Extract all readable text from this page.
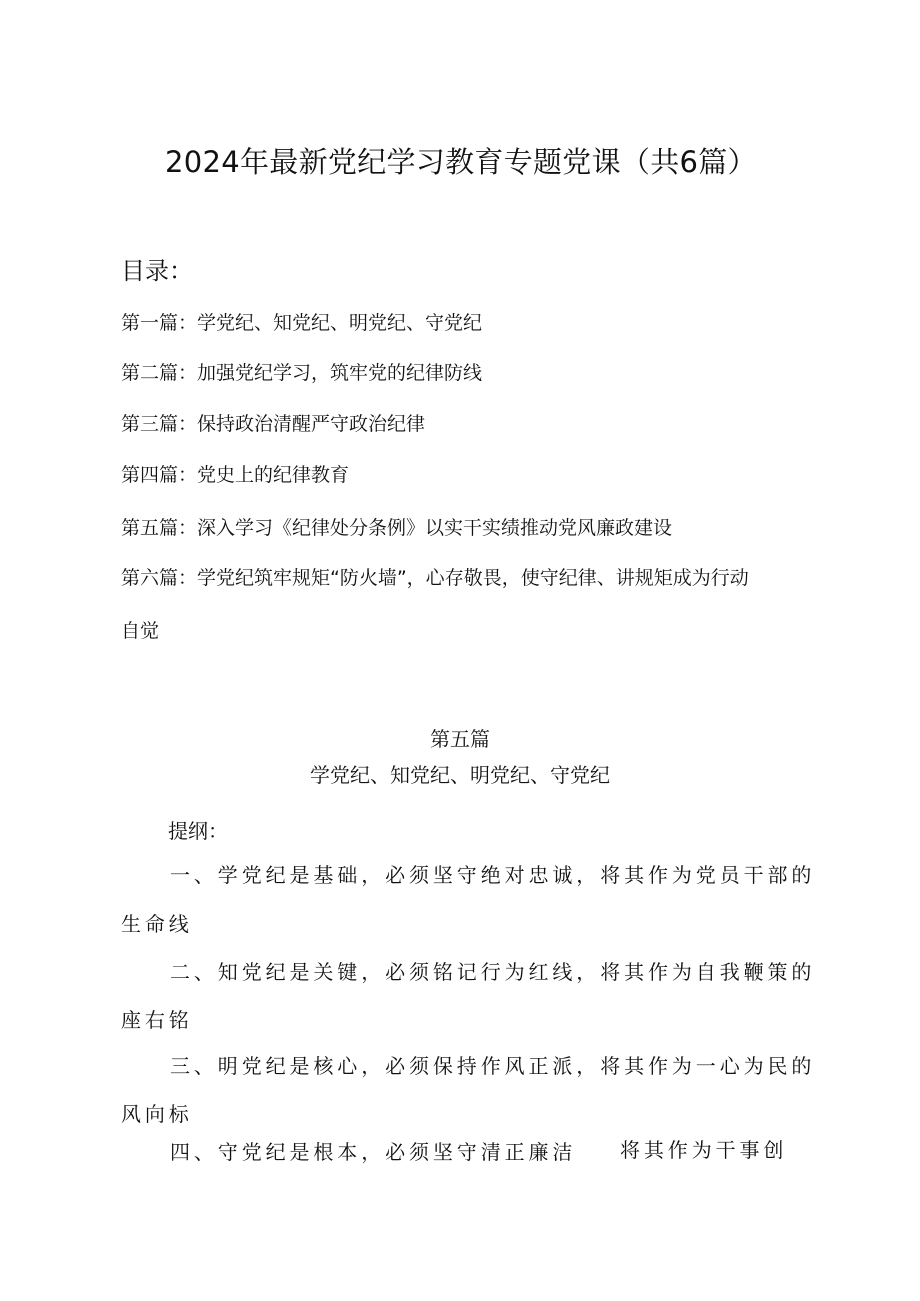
2024年最新党纪学习教育专题党课（共6篇）
目录：
第一篇：学党纪、知党纪、明党纪、守党纪
第二篇：加强党纪学习，筑牢党的纪律防线
第三篇：保持政治清醒严守政治纪律
第四篇：党史上的纪律教育
第五篇：深入学习《纪律处分条例》以实干实绩推动党风廉政建设
第六篇：学党纪筑牢规矩“防火墙”，心存敬畏，使守纪律、讲规矩成为行动
自觉
第五篇
学党纪、知党纪、明党纪、守党纪
提纲：
一、学党纪是基础，必须坚守绝对忠诚，将其作为党员干部的
生命线
二、知党纪是关键，必须铭记行为红线，将其作为自我鞭策的
座右铭
三、明党纪是核心，必须保持作风正派，将其作为一心为民的
风向标
四、守党纪是根本，必须坚守清正廉洁 将其作为干事创
